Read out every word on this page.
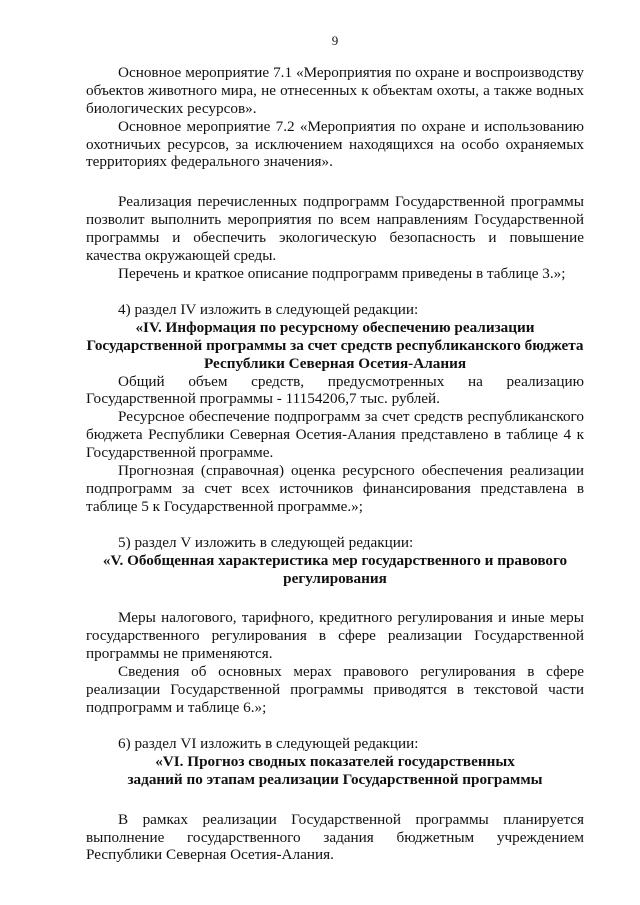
9

Основное мероприятие 7.1 «Мероприятия по охране и воспроизводству объектов животного мира, не отнесенных к объектам охоты, а также водных биологических ресурсов».

Основное мероприятие 7.2 «Мероприятия по охране и использованию охотничьих ресурсов, за исключением находящихся на особо охраняемых территориях федерального значения».

Реализация перечисленных подпрограмм Государственной программы позволит выполнить мероприятия по всем направлениям Государственной программы и обеспечить экологическую безопасность и повышение качества окружающей среды.

Перечень и краткое описание подпрограмм приведены в таблице 3.»;

4) раздел IV изложить в следующей редакции:

«IV. Информация по ресурсному обеспечению реализации
Государственной программы за счет средств республиканского бюджета
Республики Северная Осетия-Алания

Общий объем средств, предусмотренных на реализацию

Государственной программы - 11154206,7 тыс. рублей.

Ресурсное обеспечение подпрограмм за счет средств республиканского бюджета Республики Северная Осетия-Алания представлено в таблице 4 к Государственной программе.

Прогнозная (справочная) оценка ресурсного обеспечения реализации подпрограмм за счет всех источников финансирования представлена в таблице 5 к Государственной программе.»;

5) раздел V изложить в следующей редакции:

«V. Обобщенная характеристика мер государственного и правового
регулирования

Меры налогового, тарифного, кредитного регулирования и иные меры государственного регулирования в сфере реализации Государственной программы не применяются.

Сведения об основных мерах правового регулирования в сфере реализации Государственной программы приводятся в текстовой части подпрограмм и таблице 6.»;

6) раздел VI изложить в следующей редакции:

«VI. Прогноз сводных показателей государственных
заданий по этапам реализации Государственной программы

В рамках реализации Государственной программы планируется выполнение государственного задания бюджетным учреждением Республики Северная Осетия-Алания.
